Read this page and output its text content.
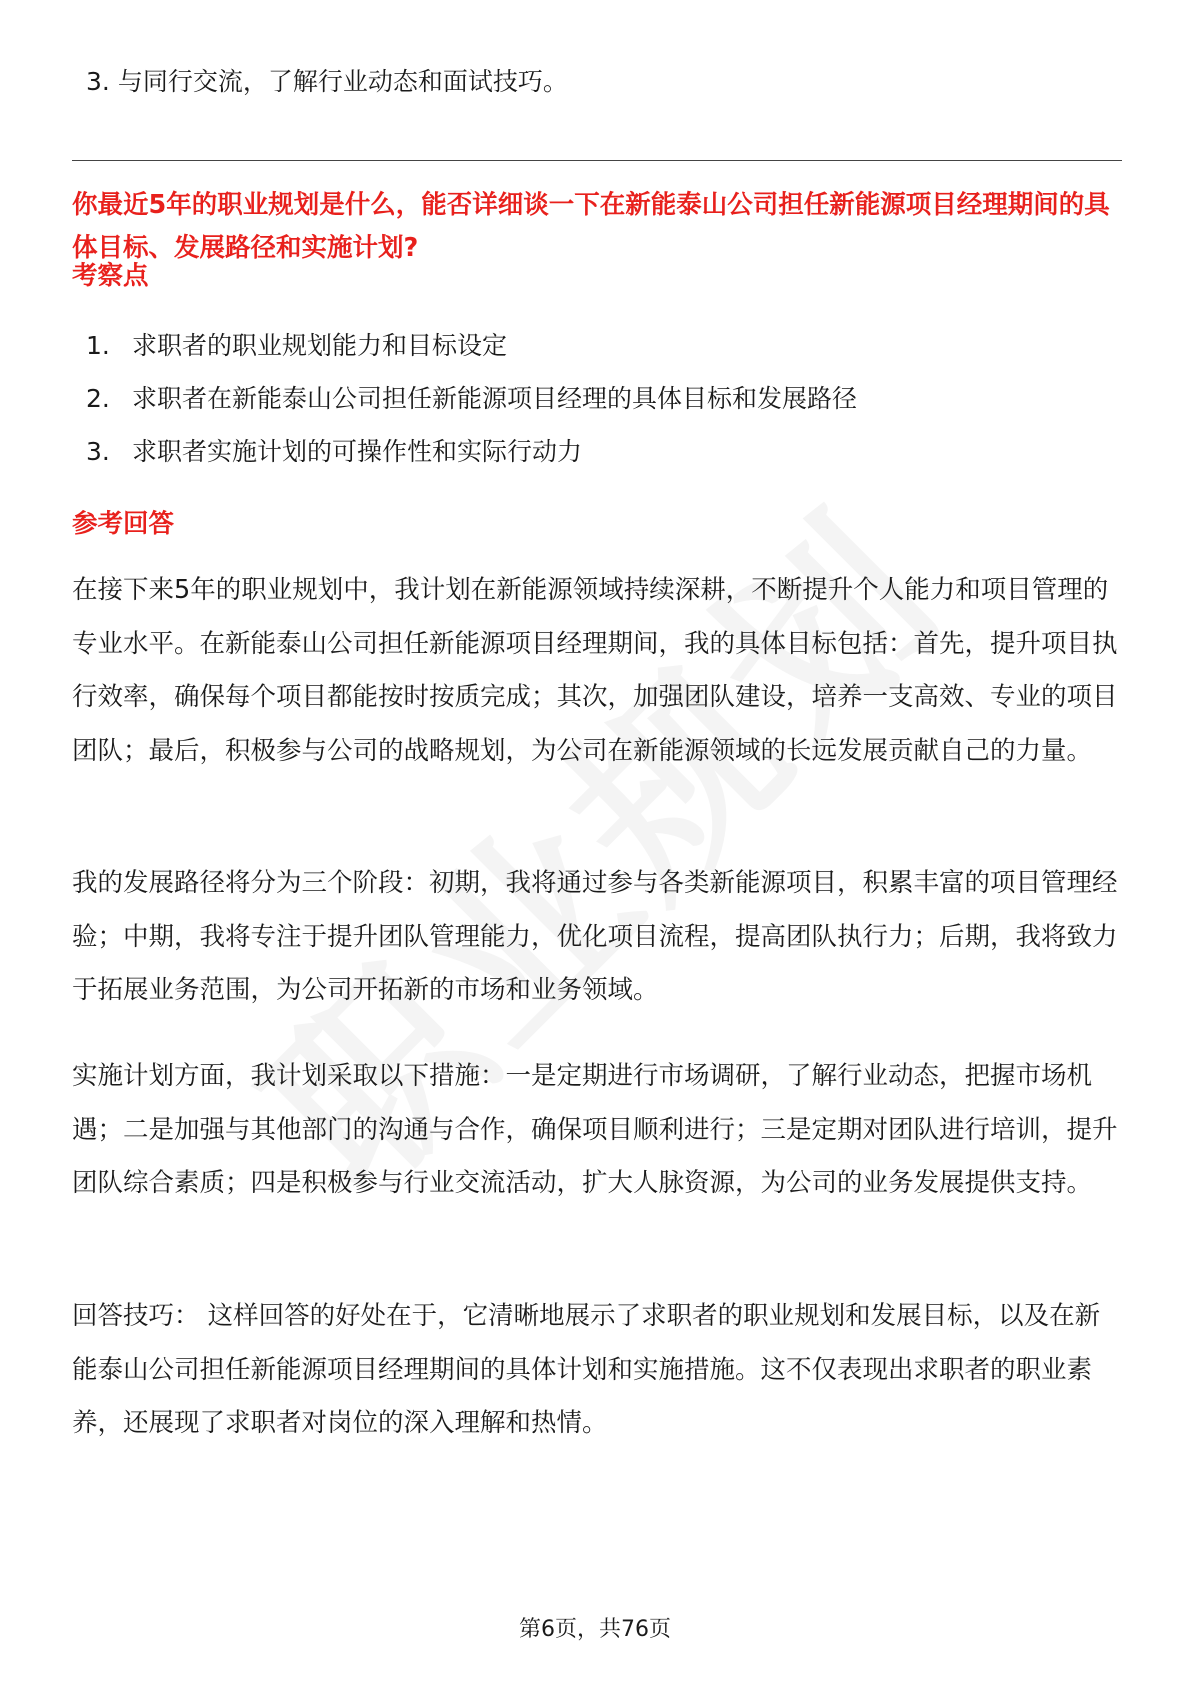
3. 与同行交流，了解行业动态和面试技巧。
你最近5年的职业规划是什么，能否详细谈一下在新能泰山公司担任新能源项目经理期间的具体目标、发展路径和实施计划?
考察点
1. 求职者的职业规划能力和目标设定
2. 求职者在新能泰山公司担任新能源项目经理的具体目标和发展路径
3. 求职者实施计划的可操作性和实际行动力
参考回答
在接下来5年的职业规划中，我计划在新能源领域持续深耕，不断提升个人能力和项目管理的专业水平。在新能泰山公司担任新能源项目经理期间，我的具体目标包括：首先，提升项目执行效率，确保每个项目都能按时按质完成；其次，加强团队建设，培养一支高效、专业的项目团队；最后，积极参与公司的战略规划，为公司在新能源领域的长远发展贡献自己的力量。
我的发展路径将分为三个阶段：初期，我将通过参与各类新能源项目，积累丰富的项目管理经验；中期，我将专注于提升团队管理能力，优化项目流程，提高团队执行力；后期，我将致力于拓展业务范围，为公司开拓新的市场和业务领域。
实施计划方面，我计划采取以下措施：一是定期进行市场调研，了解行业动态，把握市场机遇；二是加强与其他部门的沟通与合作，确保项目顺利进行；三是定期对团队进行培训，提升团队综合素质；四是积极参与行业交流活动，扩大人脉资源，为公司的业务发展提供支持。
回答技巧： 这样回答的好处在于，它清晰地展示了求职者的职业规划和发展目标，以及在新能泰山公司担任新能源项目经理期间的具体计划和实施措施。这不仅表现出求职者的职业素养，还展现了求职者对岗位的深入理解和热情。
第6页，共76页
